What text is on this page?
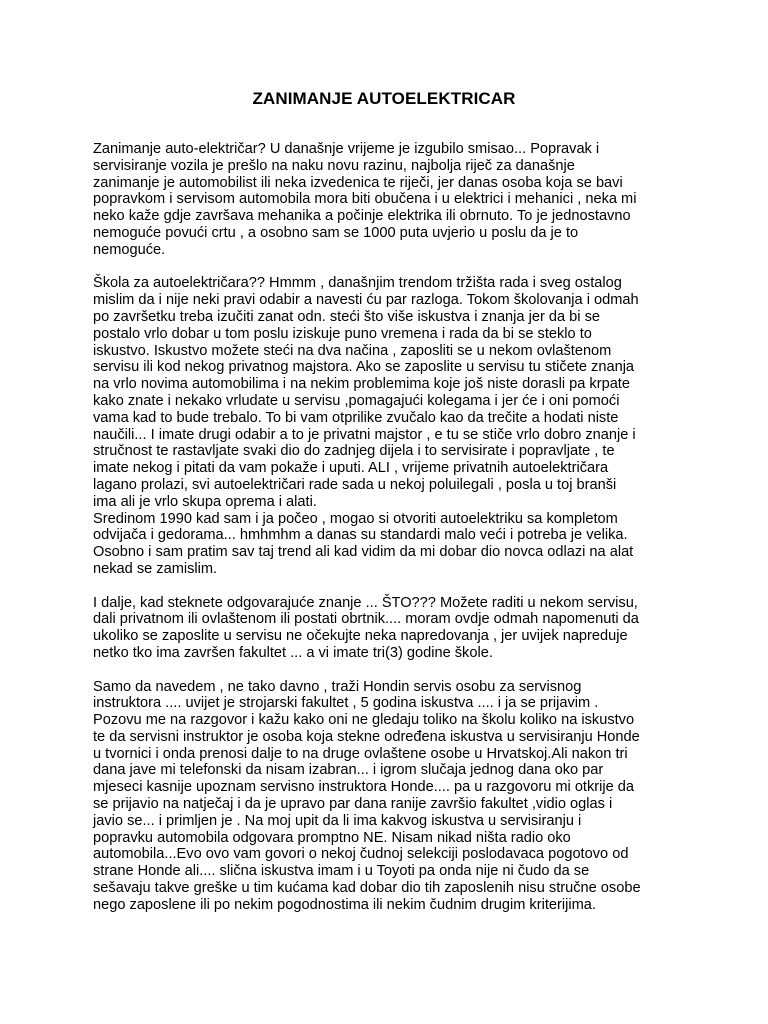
ZANIMANJE AUTOELEKTRICAR
Zanimanje auto-električar? U današnje vrijeme je izgubilo smisao... Popravak i
servisiranje vozila je prešlo na naku novu razinu, najbolja riječ za današnje
zanimanje je automobilist ili neka izvedenica te riječi, jer danas osoba koja se bavi
popravkom i servisom automobila mora biti obučena i u elektrici i mehanici , neka mi
neko kaže gdje završava mehanika a počinje elektrika ili obrnuto. To je jednostavno
nemoguće povući crtu , a osobno sam se 1000 puta uvjerio u poslu da je to
nemoguće.
Škola za autoelektričara?? Hmmm , današnjim trendom tržišta rada i sveg ostalog
mislim da i nije neki pravi odabir a navesti ću par razloga. Tokom školovanja i odmah
po završetku treba izučiti zanat odn. steći što više iskustva i znanja jer da bi se
postalo vrlo dobar u tom poslu iziskuje puno vremena i rada da bi se steklo to
iskustvo. Iskustvo možete steći na dva načina , zaposliti se u nekom ovlaštenom
servisu ili kod nekog privatnog majstora. Ako se zaposlite u servisu tu stičete znanja
na vrlo novima automobilima i na nekim problemima koje još niste dorasli pa krpate
kako znate i nekako vrludate u servisu ,pomagajući kolegama i jer će i oni pomoći
vama kad to bude trebalo. To bi vam otprilike zvučalo kao da trečite a hodati niste
naučili... I imate drugi odabir a to je privatni majstor , e tu se stiče vrlo dobro znanje i
stručnost te rastavljate svaki dio do zadnjeg dijela i to servisirate i popravljate , te
imate nekog i pitati da vam pokaže i uputi. ALI , vrijeme privatnih autoelektričara
lagano prolazi, svi autoelektričari rade sada u nekoj poluilegali , posla u toj branši
ima ali je vrlo skupa oprema i alati.
Sredinom 1990 kad sam i ja počeo , mogao si otvoriti autoelektriku sa kompletom
odvijača i gedorama... hmhmhm a danas su standardi malo veći i potreba je velika.
Osobno i sam pratim sav taj trend ali kad vidim da mi dobar dio novca odlazi na alat
nekad se zamislim.
I dalje, kad steknete odgovarajuće znanje ... ŠTO??? Možete raditi u nekom servisu,
dali privatnom ili ovlaštenom ili postati obrtnik.... moram ovdje odmah napomenuti da
ukoliko se zaposlite u servisu ne očekujte neka napredovanja , jer uvijek napreduje
netko tko ima završen fakultet ... a vi imate tri(3) godine škole.
Samo da navedem , ne tako davno , traži Hondin servis osobu za servisnog
instruktora .... uvijet je strojarski fakultet , 5 godina iskustva .... i ja se prijavim .
Pozovu me na razgovor i kažu kako oni ne gledaju toliko na školu koliko na iskustvo
te da servisni instruktor je osoba koja stekne određena iskustva u servisiranju Honde
u tvornici i onda prenosi dalje to na druge ovlaštene osobe u Hrvatskoj.Ali nakon tri
dana jave mi telefonski da nisam izabran... i igrom slučaja jednog dana oko par
mjeseci kasnije upoznam servisno instruktora Honde.... pa u razgovoru mi otkrije da
se prijavio na natječaj i da je upravo par dana ranije završio fakultet ,vidio oglas i
javio se... i primljen je . Na moj upit da li ima kakvog iskustva u servisiranju i
popravku automobila odgovara promptno NE. Nisam nikad ništa radio oko
automobila...Evo ovo vam govori o nekoj čudnoj selekciji poslodavaca pogotovo od
strane Honde ali.... slična iskustva imam i u Toyoti pa onda nije ni čudo da se
sešavaju takve greške u tim kućama kad dobar dio tih zaposlenih nisu stručne osobe
nego zaposlene ili po nekim pogodnostima ili nekim čudnim drugim kriterijima.
